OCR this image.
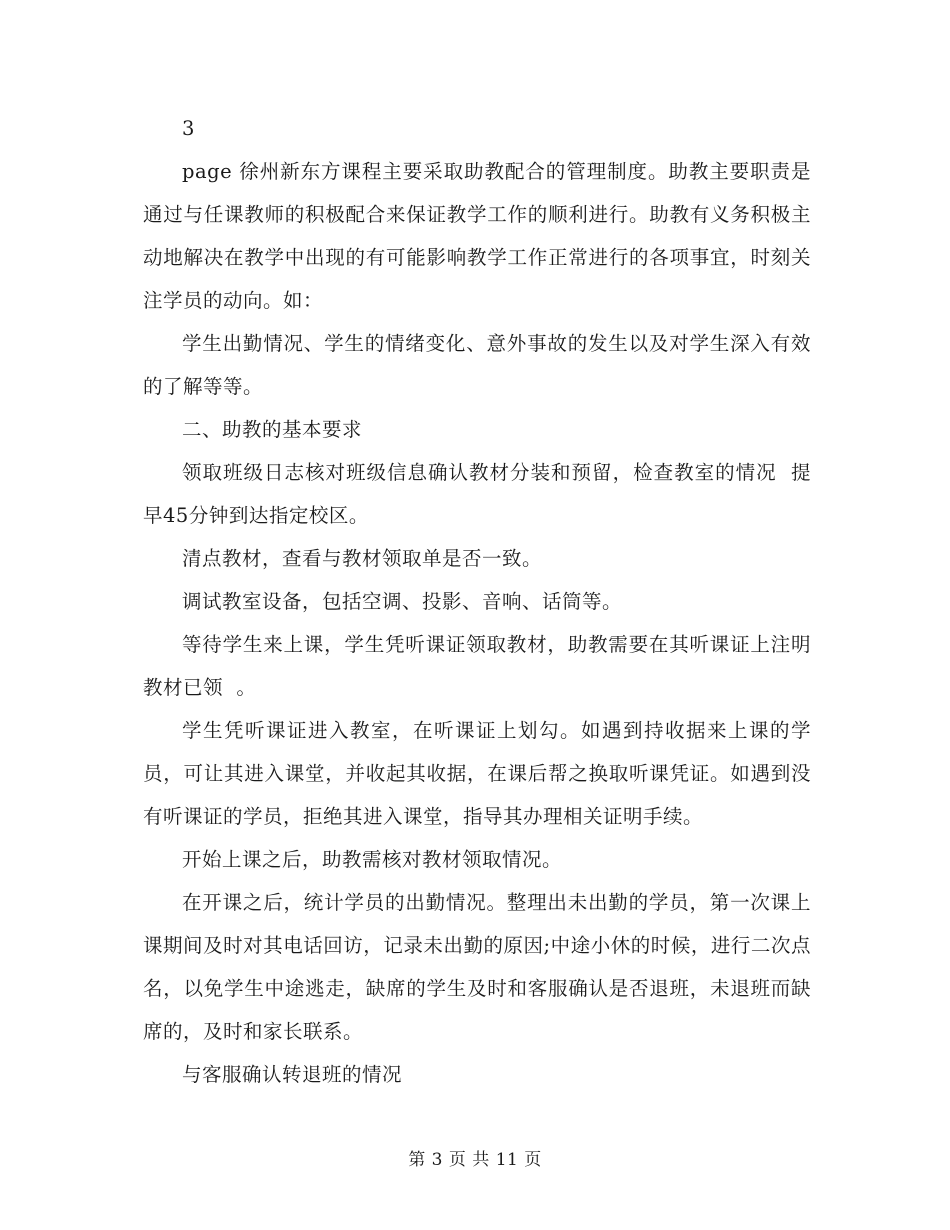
3

page 徐州新东方课程主要采取助教配合的管理制度。助教主要职责是通过与任课教师的积极配合来保证教学工作的顺利进行。助教有义务积极主动地解决在教学中出现的有可能影响教学工作正常进行的各项事宜，时刻关注学员的动向。如：

学生出勤情况、学生的情绪变化、意外事故的发生以及对学生深入有效的了解等等。

二、助教的基本要求

领取班级日志核对班级信息确认教材分装和预留，检查教室的情况  提早45分钟到达指定校区。

清点教材，查看与教材领取单是否一致。

调试教室设备，包括空调、投影、音响、话筒等。

等待学生来上课，学生凭听课证领取教材，助教需要在其听课证上注明  教材已领  。

学生凭听课证进入教室，在听课证上划勾。如遇到持收据来上课的学员，可让其进入课堂，并收起其收据，在课后帮之换取听课凭证。如遇到没有听课证的学员，拒绝其进入课堂，指导其办理相关证明手续。

开始上课之后，助教需核对教材领取情况。

在开课之后，统计学员的出勤情况。整理出未出勤的学员，第一次课上课期间及时对其电话回访，记录未出勤的原因;中途小休的时候，进行二次点名，以免学生中途逃走，缺席的学生及时和客服确认是否退班，未退班而缺席的，及时和家长联系。

与客服确认转退班的情况

第 3 页 共 11 页
